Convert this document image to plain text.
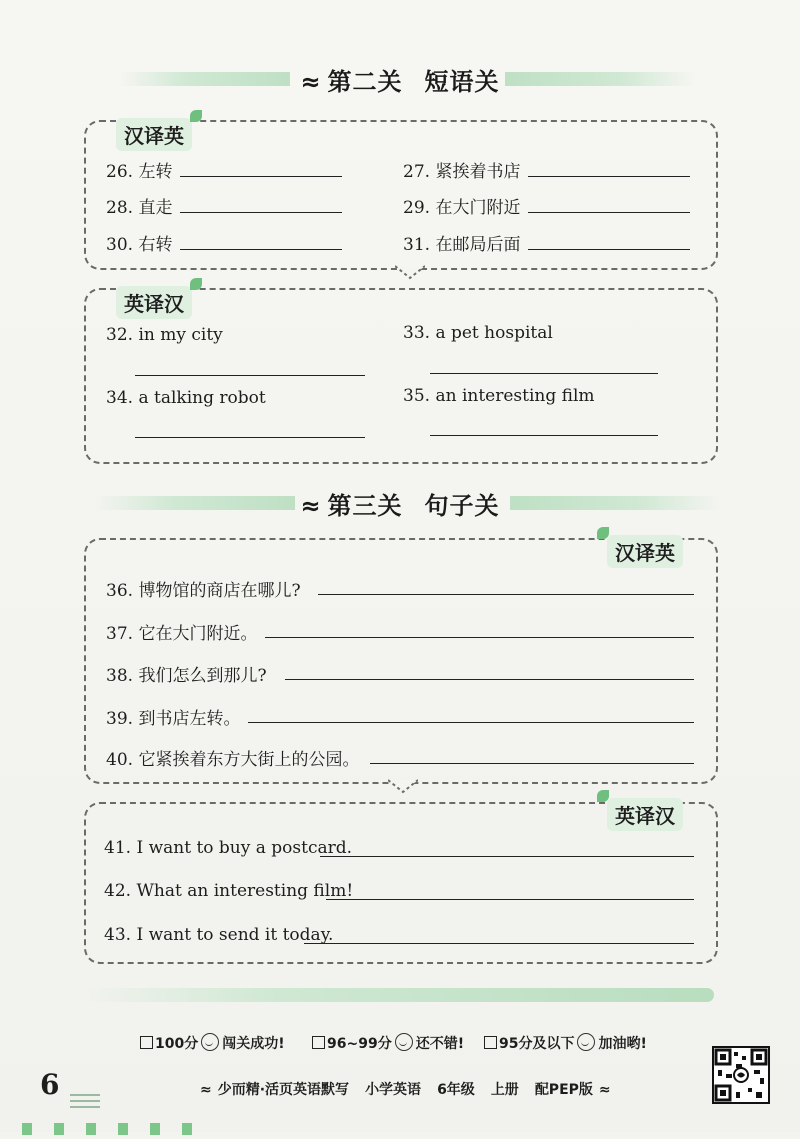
≈ 第二关 短语关
汉译英
26. 左转	27. 紧挨着书店
28. 直走	29. 在大门附近
30. 右转	31. 在邮局后面
英译汉
32. in my city	33. a pet hospital
34. a talking robot	35. an interesting film
≈ 第三关 句子关
汉译英
36. 博物馆的商店在哪儿?
37. 它在大门附近。
38. 我们怎么到那儿?
39. 到书店左转。
40. 它紧挨着东方大街上的公园。
英译汉
41. I want to buy a postcard.
42. What an interesting film!
43. I want to send it today.
100分 闯关成功!	96~99分 还不错!	95分及以下 加油哟!
6	≈ 少而精·活页英语默写 小学英语 6年级 上册 配PEP版 ≈
